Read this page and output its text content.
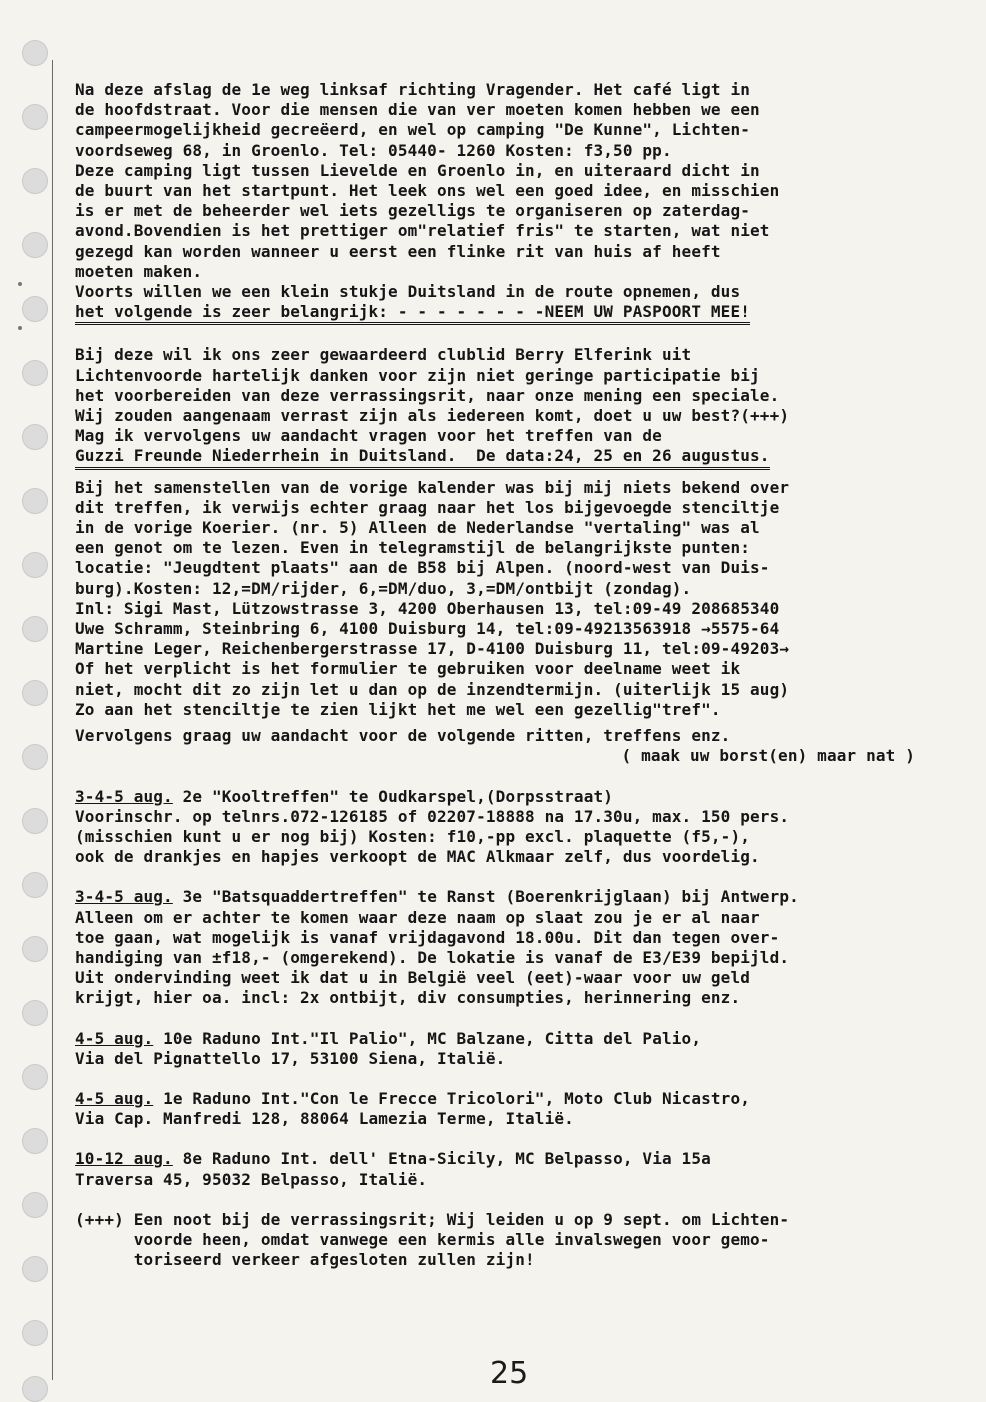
Na deze afslag de 1e weg linksaf richting Vragender. Het café ligt in
de hoofdstraat. Voor die mensen die van ver moeten komen hebben we een
campeermogelijkheid gecreëerd, en wel op camping "De Kunne", Lichten-
voordseweg 68, in Groenlo. Tel: 05440- 1260 Kosten: f3,50 pp.
Deze camping ligt tussen Lievelde en Groenlo in, en uiteraard dicht in
de buurt van het startpunt. Het leek ons wel een goed idee, en misschien
is er met de beheerder wel iets gezelligs te organiseren op zaterdag-
avond.Bovendien is het prettiger om"relatief fris" te starten, wat niet
gezegd kan worden wanneer u eerst een flinke rit van huis af heeft
moeten maken.
Voorts willen we een klein stukje Duitsland in de route opnemen, dus
het volgende is zeer belangrijk: - - - - - - - -NEEM UW PASPOORT MEE!
Bij deze wil ik ons zeer gewaardeerd clublid Berry Elferink uit
Lichtenvoorde hartelijk danken voor zijn niet geringe participatie bij
het voorbereiden van deze verrassingsrit, naar onze mening een speciale.
Wij zouden aangenaam verrast zijn als iedereen komt, doet u uw best?(+++)
Mag ik vervolgens uw aandacht vragen voor het treffen van de
Guzzi Freunde Niederrhein in Duitsland.  De data:24, 25 en 26 augustus.
Bij het samenstellen van de vorige kalender was bij mij niets bekend over
dit treffen, ik verwijs echter graag naar het los bijgevoegde stenciltje
in de vorige Koerier. (nr. 5) Alleen de Nederlandse "vertaling" was al
een genot om te lezen. Even in telegramstijl de belangrijkste punten:
locatie: "Jeugdtent plaats" aan de B58 bij Alpen. (noord-west van Duis-
burg).Kosten: 12,=DM/rijder, 6,=DM/duo, 3,=DM/ontbijt (zondag).
Inl: Sigi Mast, Lützowstrasse 3, 4200 Oberhausen 13, tel:09-49 208685340
Uwe Schramm, Steinbring 6, 4100 Duisburg 14, tel:09-49213563918 →5575-64
Martine Leger, Reichenbergerstrasse 17, D-4100 Duisburg 11, tel:09-49203→
Of het verplicht is het formulier te gebruiken voor deelname weet ik
niet, mocht dit zo zijn let u dan op de inzendtermijn. (uiterlijk 15 aug)
Zo aan het stenciltje te zien lijkt het me wel een gezellig"tref".
Vervolgens graag uw aandacht voor de volgende ritten, treffens enz.
( maak uw borst(en) maar nat )
3-4-5 aug. 2e "Kooltreffen" te Oudkarspel,(Dorpsstraat)
Voorinschr. op telnrs.072-126185 of 02207-18888 na 17.30u, max. 150 pers.
(misschien kunt u er nog bij) Kosten: f10,-pp excl. plaquette (f5,-),
ook de drankjes en hapjes verkoopt de MAC Alkmaar zelf, dus voordelig.
3-4-5 aug. 3e "Batsquaddertreffen" te Ranst (Boerenkrijglaan) bij Antwerp.
Alleen om er achter te komen waar deze naam op slaat zou je er al naar
toe gaan, wat mogelijk is vanaf vrijdagavond 18.00u. Dit dan tegen over-
handiging van ±f18,- (omgerekend). De lokatie is vanaf de E3/E39 bepijld.
Uit ondervinding weet ik dat u in België veel (eet)-waar voor uw geld
krijgt, hier oa. incl: 2x ontbijt, div consumpties, herinnering enz.
4-5 aug. 10e Raduno Int."Il Palio", MC Balzane, Citta del Palio,
Via del Pignattello 17, 53100 Siena, Italië.
4-5 aug. 1e Raduno Int."Con le Frecce Tricolori", Moto Club Nicastro,
Via Cap. Manfredi 128, 88064 Lamezia Terme, Italië.
10-12 aug. 8e Raduno Int. dell' Etna-Sicily, MC Belpasso, Via 15a
Traversa 45, 95032 Belpasso, Italië.
(+++) Een noot bij de verrassingsrit; Wij leiden u op 9 sept. om Lichten-
voorde heen, omdat vanwege een kermis alle invalswegen voor gemo-
toriseerd verkeer afgesloten zullen zijn!
25
